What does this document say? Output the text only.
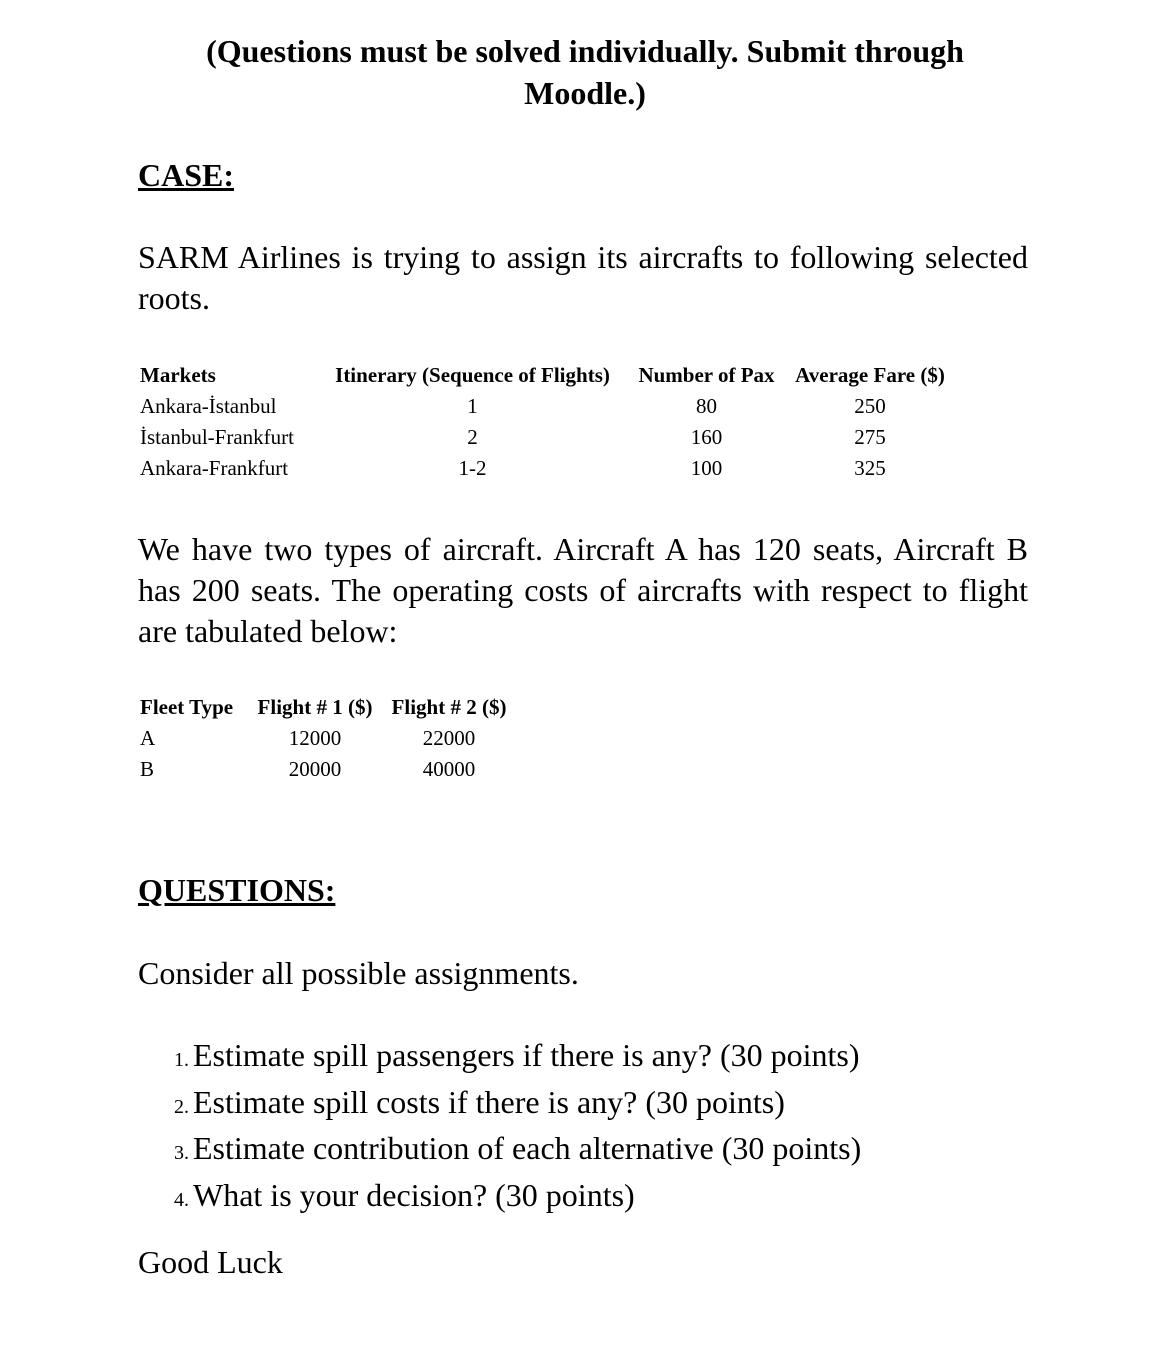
(Questions must be solved individually. Submit through
Moodle.)
CASE:

SARM Airlines is trying to assign its aircrafts to following selected roots.

Markets	Itinerary (Sequence of Flights)	Number of Pax	Average Fare ($)
Ankara-İstanbul	1	80	250
İstanbul-Frankfurt	2	160	275
Ankara-Frankfurt	1-2	100	325

We have two types of aircraft. Aircraft A has 120 seats, Aircraft B has 200 seats. The operating costs of aircrafts with respect to flight are tabulated below:

Fleet Type	Flight # 1 ($)	Flight # 2 ($)
A	12000	22000
B	20000	40000
QUESTIONS:

Consider all possible assignments.

1. Estimate spill passengers if there is any? (30 points)
2. Estimate spill costs if there is any? (30 points)
3. Estimate contribution of each alternative (30 points)
4. What is your decision? (30 points)

Good Luck
